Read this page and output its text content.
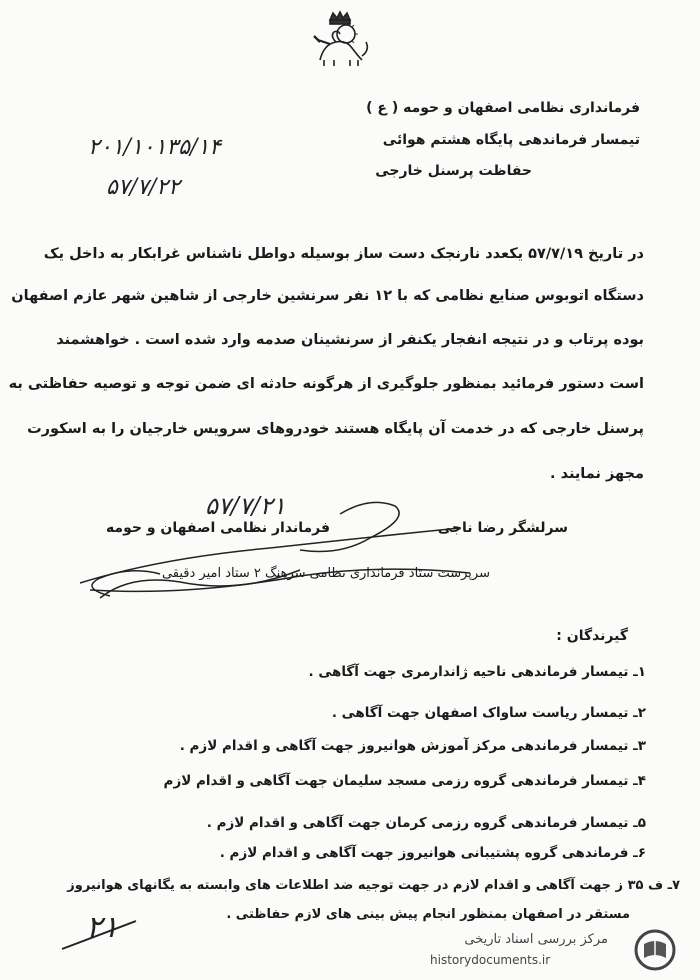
فرمانداری نظامی اصفهان و حومه ( ع )
تیمسار فرماندهی پایگاه هشتم هوائی
حفاظت پرسنل خارجی
۲۰۱/۱۰۱۳۵/۱۴
۵۷/۷/۲۲
در تاریخ ۵۷/۷/۱۹ یکعدد نارنجک دست ساز بوسیله دواطل ناشناس غرابکار به داخل یک
دستگاه اتوبوس صنایع نظامی که با ۱۲ نفر سرنشین خارجی از شاهین شهر عازم اصفهان
بوده پرتاب و در نتیجه انفجار یکنفر از سرنشینان صدمه وارد شده است . خواهشمند
است دستور فرمائید بمنظور جلوگیری از هرگونه حادثه ای ضمن توجه و توصیه حفاظتی به
پرسنل خارجی که در خدمت آن پایگاه هستند خودروهای سرویس خارجیان را به اسکورت
مجهز نمایند .
۵۷/۷/۲۱
سرلشگر رضا ناجی
فرماندار نظامی اصفهان و حومه
سرپرست ستاد فرمانداری نظامی سرهنگ ۲ ستاد امیر دقیقی
گیرندگان :
۱ـ تیمسار فرماندهی ناحیه ژاندارمری جهت آگاهی .
۲ـ تیمسار ریاست ساواک اصفهان جهت آگاهی .
۳ـ تیمسار فرماندهی مرکز آموزش هوانیروز جهت آگاهی و اقدام لازم .
۴ـ تیمسار فرماندهی گروه رزمی مسجد سلیمان جهت آگاهی و اقدام لازم
۵ـ تیمسار فرماندهی گروه رزمی کرمان جهت آگاهی و اقدام لازم .
۶ـ فرماندهی گروه پشتیبانی هوانیروز جهت آگاهی و اقدام لازم .
۷ـ ف ۳۵ ز جهت آگاهی و اقدام لازم در جهت توجیه ضد اطلاعات های وابسته به یگانهای هوانیروز
مستقر در اصفهان بمنظور انجام پیش بینی های لازم حفاظتی .
۲۱	مرکز بررسی اسناد تاریخی
historydocuments.ir
